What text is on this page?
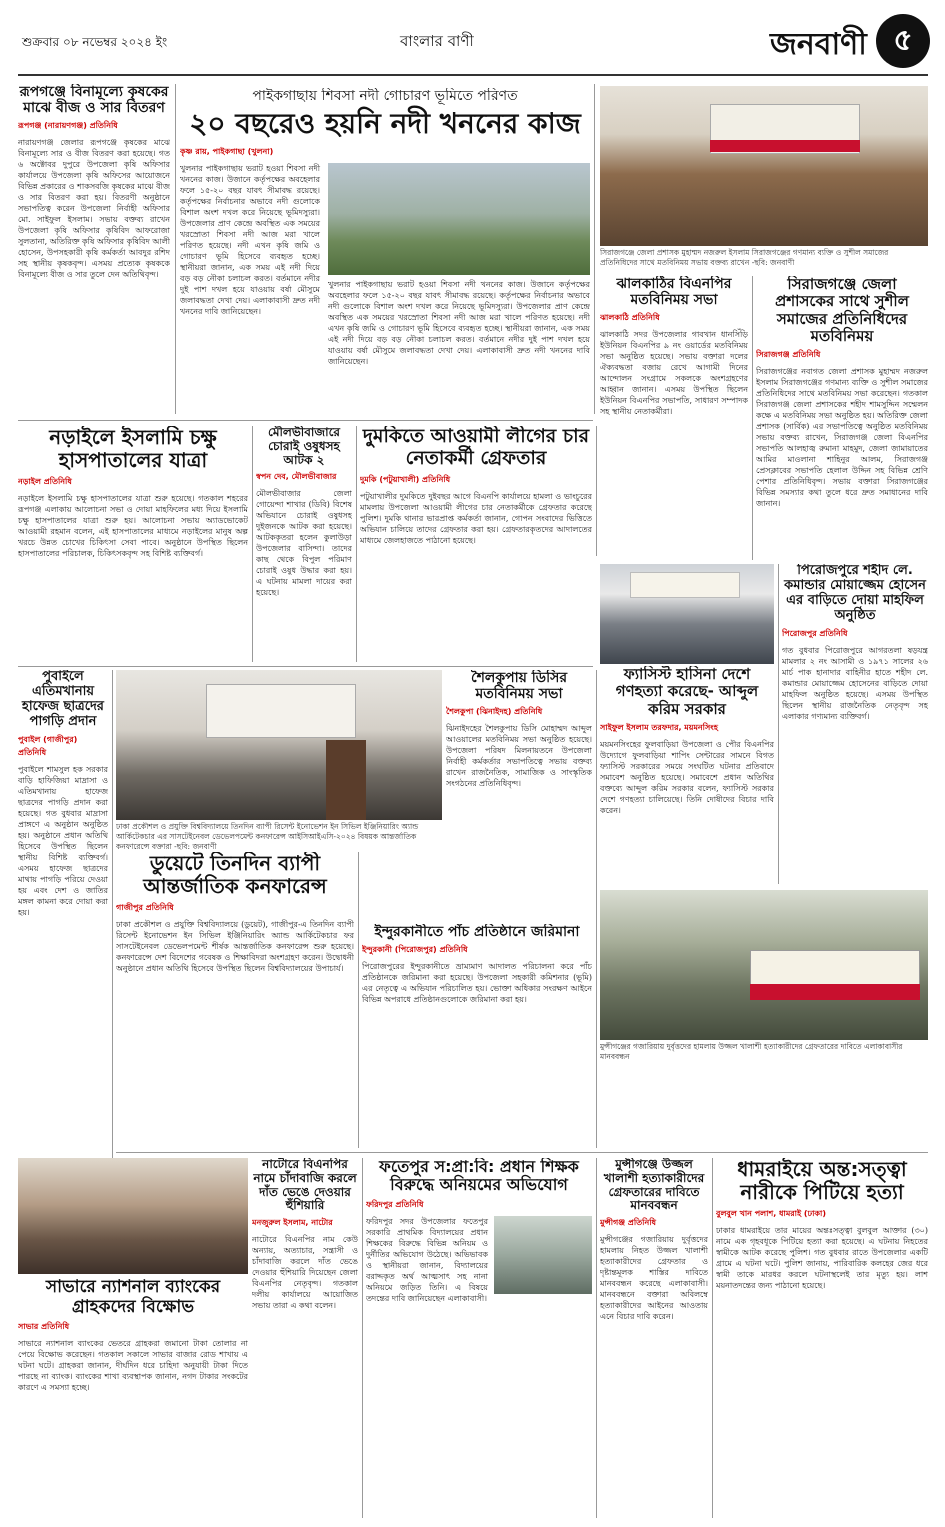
শুক্রবার ০৮ নভেম্বর ২০২৪ ইং	বাংলার বাণী	জনবাণী ৫
রূপগঞ্জে বিনামূল্যে কৃষকের মাঝে বীজ ও সার বিতরণ
রূপগঞ্জ (নারায়ণগঞ্জ) প্রতিনিধি
নারায়ণগঞ্জ জেলার রূপগঞ্জে কৃষকের মাঝে বিনামূল্যে সার ও বীজ বিতরণ করা হয়েছে। গত ৬ অক্টোবর দুপুরে উপজেলা কৃষি অফিসার কার্যালয়ে উপজেলা কৃষি অফিসের আয়োজনে বিভিন্ন প্রকারের ও শাকসবজি কৃষকের মাঝে বীজ ও সার বিতরণ করা হয়। বিতরণী অনুষ্ঠানে সভাপতিত্ব করেন উপজেলা নির্বাহী অফিসার মো. সাইফুল ইসলাম। সভায় বক্তব্য রাখেন উপজেলা কৃষি অফিসার কৃষিবিদ আফরোজা সুলতানা, অতিরিক্ত কৃষি অফিসার কৃষিবিদ আলী হোসেন, উপসহকারী কৃষি কর্মকর্তা আবদুর রশিদ সহ স্থানীয় কৃষকবৃন্দ। এসময় প্রত্যেক কৃষককে বিনামূল্যে বীজ ও সার তুলে দেন অতিথিবৃন্দ।
পাইকগাছায় শিবসা নদী গোচারণ ভূমিতে পরিণত
২০ বছরেও হয়নি নদী খননের কাজ
কৃষ্ণ রায়, পাইকগাছা (খুলনা)
খুলনার পাইকগাছায় ভরাট হওয়া শিবসা নদী খননের কাজ। উজানে কর্তৃপক্ষের অবহেলার ফলে ১৫-২০ বছর যাবৎ সীমাবদ্ধ রয়েছে। কর্তৃপক্ষের নির্বাচনার অভাবে নদী গুলোকে বিশাল অংশ দখল করে নিয়েছে ভূমিদস্যুরা। উপজেলার প্রাণ কেন্দ্রে অবস্থিত এক সময়ের খরস্রোতা শিবসা নদী আজ মরা খালে পরিণত হয়েছে। নদী এখন কৃষি জমি ও গোচারণ ভূমি হিসেবে ব্যবহৃত হচ্ছে। স্থানীয়রা জানান, এক সময় এই নদী দিয়ে বড় বড় নৌকা চলাচল করত। বর্তমানে নদীর দুই পাশ দখল হয়ে যাওয়ায় বর্ষা মৌসুমে জলাবদ্ধতা দেখা দেয়। এলাকাবাসী দ্রুত নদী খননের দাবি জানিয়েছেন।
খুলনার পাইকগাছায় ভরাট হওয়া শিবসা নদী খননের কাজ। উজানে কর্তৃপক্ষের অবহেলার ফলে ১৫-২০ বছর যাবৎ সীমাবদ্ধ রয়েছে। কর্তৃপক্ষের নির্বাচনার অভাবে নদী গুলোকে বিশাল অংশ দখল করে নিয়েছে ভূমিদস্যুরা। উপজেলার প্রাণ কেন্দ্রে অবস্থিত এক সময়ের খরস্রোতা শিবসা নদী আজ মরা খালে পরিণত হয়েছে। নদী এখন কৃষি জমি ও গোচারণ ভূমি হিসেবে ব্যবহৃত হচ্ছে। স্থানীয়রা জানান, এক সময় এই নদী দিয়ে বড় বড় নৌকা চলাচল করত। বর্তমানে নদীর দুই পাশ দখল হয়ে যাওয়ায় বর্ষা মৌসুমে জলাবদ্ধতা দেখা দেয়। এলাকাবাসী দ্রুত নদী খননের দাবি জানিয়েছেন।
সিরাজগঞ্জে জেলা প্রশাসক মুহাম্মদ নজরুল ইসলাম সিরাজগঞ্জের গণমান্য ব্যক্তি ও সুশীল সমাজের প্রতিনিধিদের সাথে মতবিনিময় সভায় বক্তব্য রাখেন -ছবি: জনবাণী
ঝালকাঠির বিএনপির মতবিনিময় সভা
ঝালকাঠি প্রতিনিধি
ঝালকাঠি সদর উপজেলার গাবখান ধানসিঁড়ি ইউনিয়ন বিএনপির ৯ নং ওয়ার্ডের মতবিনিময় সভা অনুষ্ঠিত হয়েছে। সভায় বক্তারা দলের ঐক্যবদ্ধতা বজায় রেখে আগামী দিনের আন্দোলন সংগ্রামে সকলকে অংশগ্রহণের আহ্বান জানান। এসময় উপস্থিত ছিলেন ইউনিয়ন বিএনপির সভাপতি, সাধারণ সম্পাদক সহ স্থানীয় নেতাকর্মীরা।
সিরাজগঞ্জে জেলা প্রশাসকের সাথে সুশীল সমাজের প্রতিনিধিদের মতবিনিময়
সিরাজগঞ্জ প্রতিনিধি
সিরাজগঞ্জের নবাগত জেলা প্রশাসক মুহাম্মদ নজরুল ইসলাম সিরাজগঞ্জের গণমান্য ব্যক্তি ও সুশীল সমাজের প্রতিনিধিদের সাথে মতবিনিময় সভা করেছেন। গতকাল সিরাজগঞ্জ জেলা প্রশাসকের শহীদ শামসুদ্দিন সম্মেলন কক্ষে এ মতবিনিময় সভা অনুষ্ঠিত হয়। অতিরিক্ত জেলা প্রশাসক (সার্বিক) এর সভাপতিত্বে অনুষ্ঠিত মতবিনিময় সভায় বক্তব্য রাখেন, সিরাজগঞ্জ জেলা বিএনপির সভাপতি আলহাজ্ব রুমানা মাহমুদ, জেলা জামায়াতের আমির মাওলানা শাহিনুর আলম, সিরাজগঞ্জ প্রেসক্লাবের সভাপতি হেলাল উদ্দিন সহ বিভিন্ন শ্রেণি পেশার প্রতিনিধিবৃন্দ। সভায় বক্তারা সিরাজগঞ্জের বিভিন্ন সমস্যার কথা তুলে ধরে দ্রুত সমাধানের দাবি জানান।
নড়াইলে ইসলামি চক্ষু হাসপাতালের যাত্রা
নড়াইল প্রতিনিধি
নড়াইলে ইসলামি চক্ষু হাসপাতালের যাত্রা শুরু হয়েছে। গতকাল শহরের রূপগঞ্জ এলাকায় আলোচনা সভা ও দোয়া মাহফিলের মধ্য দিয়ে ইসলামি চক্ষু হাসপাতালের যাত্রা শুরু হয়। আলোচনা সভায় অ্যাডভোকেট আওয়ামী রহমান বলেন, এই হাসপাতালের মাধ্যমে নড়াইলের মানুষ অল্প খরচে উন্নত চোখের চিকিৎসা সেবা পাবে। অনুষ্ঠানে উপস্থিত ছিলেন হাসপাতালের পরিচালক, চিকিৎসকবৃন্দ সহ বিশিষ্ট ব্যক্তিবর্গ।
মৌলভীবাজারে চোরাই ওষুধসহ আটক ২
স্বপন দেব, মৌলভীবাজার
মৌলভীবাজার জেলা গোয়েন্দা শাখার (ডিবি) বিশেষ অভিযানে চোরাই ওষুধসহ দুইজনকে আটক করা হয়েছে। আটককৃতরা হলেন কুলাউড়া উপজেলার বাসিন্দা। তাদের কাছ থেকে বিপুল পরিমাণ চোরাই ওষুধ উদ্ধার করা হয়। এ ঘটনায় মামলা দায়ের করা হয়েছে।
দুমকিতে আওয়ামী লীগের চার নেতাকর্মী গ্রেফতার
দুমকি (পটুয়াখালী) প্রতিনিধি
পটুয়াখালীর দুমকিতে দুইবছর আগে বিএনপি কার্যালয়ে হামলা ও ভাংচুরের মামলায় উপজেলা আওয়ামী লীগের চার নেতাকর্মীকে গ্রেফতার করেছে পুলিশ। দুমকি থানার ভারপ্রাপ্ত কর্মকর্তা জানান, গোপন সংবাদের ভিত্তিতে অভিযান চালিয়ে তাদের গ্রেফতার করা হয়। গ্রেফতারকৃতদের আদালতের মাধ্যমে জেলহাজতে পাঠানো হয়েছে।
পুবাইলে এতিমখানায় হাফেজ ছাত্রদের পাগড়ি প্রদান
পুবাইল (গাজীপুর) প্রতিনিধি
পুবাইলে শামসুল হক সরকার বাড়ি হাফিজিয়া মাদ্রাসা ও এতিমখানায় হাফেজ ছাত্রদের পাগড়ি প্রদান করা হয়েছে। গত বুধবার মাদ্রাসা প্রাঙ্গণে এ অনুষ্ঠান অনুষ্ঠিত হয়। অনুষ্ঠানে প্রধান অতিথি হিসেবে উপস্থিত ছিলেন স্থানীয় বিশিষ্ট ব্যক্তিবর্গ। এসময় হাফেজ ছাত্রদের মাথায় পাগড়ি পরিয়ে দেওয়া হয় এবং দেশ ও জাতির মঙ্গল কামনা করে দোয়া করা হয়।
ঢাকা প্রকৌশল ও প্রযুক্তি বিশ্ববিদ্যালয়ে তিনদিন ব্যাপী রিসেন্ট ইনোভেশন ইন সিভিল ইঞ্জিনিয়ারিং অ্যান্ড আর্কিটেকচার এর সাসটেইনেবল ডেভেলপমেন্ট কনফারেন্স আইসিআইএসি-২০২৪ বিষয়ক আন্তর্জাতিক কনফারেন্সে বক্তারা -ছবি: জনবাণী
ডুয়েটে তিনদিন ব্যাপী আন্তর্জাতিক কনফারেন্স
গাজীপুর প্রতিনিধি
ঢাকা প্রকৌশল ও প্রযুক্তি বিশ্ববিদ্যালয়ে (ডুয়েট), গাজীপুর-এ তিনদিন ব্যাপী রিসেন্ট ইনোভেশন ইন সিভিল ইঞ্জিনিয়ারিং অ্যান্ড আর্কিটেকচার ফর সাসটেইনেবল ডেভেলপমেন্ট শীর্ষক আন্তর্জাতিক কনফারেন্স শুরু হয়েছে। কনফারেন্সে দেশ বিদেশের গবেষক ও শিক্ষাবিদরা অংশগ্রহণ করেন। উদ্বোধনী অনুষ্ঠানে প্রধান অতিথি হিসেবে উপস্থিত ছিলেন বিশ্ববিদ্যালয়ের উপাচার্য।
শৈলকুপায় ডিসির মতবিনিময় সভা
শৈলকুপা (ঝিনাইদহ) প্রতিনিধি
ঝিনাইদহের শৈলকুপায় ডিসি মোহাম্মদ আব্দুল আওয়ালের মতবিনিময় সভা অনুষ্ঠিত হয়েছে। উপজেলা পরিষদ মিলনায়তনে উপজেলা নির্বাহী কর্মকর্তার সভাপতিত্বে সভায় বক্তব্য রাখেন রাজনৈতিক, সামাজিক ও সাংস্কৃতিক সংগঠনের প্রতিনিধিবৃন্দ।
ফ্যাসিস্ট হাসিনা দেশে গণহত্যা করেছে- আব্দুল করিম সরকার
সাইফুল ইসলাম তরফদার, ময়মনসিংহ
ময়মনসিংহের ফুলবাড়িয়া উপজেলা ও পৌর বিএনপির উদ্যোগে ফুলবাড়িয়া শাপিং সেন্টারের সামনে বিগত ফ্যাসিস্ট সরকারের সময়ে সংঘটিত ঘটনার প্রতিবাদে সমাবেশ অনুষ্ঠিত হয়েছে। সমাবেশে প্রধান অতিথির বক্তব্যে আব্দুল করিম সরকার বলেন, ফ্যাসিস্ট সরকার দেশে গণহত্যা চালিয়েছে। তিনি দোষীদের বিচার দাবি করেন।
পিরোজপুরে শহীদ লে. কমান্ডার মোয়াজ্জেম হোসেন এর বাড়িতে দোয়া মাহফিল অনুষ্ঠিত
পিরোজপুর প্রতিনিধি
গত বুধবার পিরোজপুরে আগরতলা ষড়যন্ত্র মামলার ২ নং আসামী ও ১৯৭১ সালের ২৬ মার্চ পাক হানাদার বাহিনীর হাতে শহীদ লে. কমান্ডার মোয়াজ্জেম হোসেনের বাড়িতে দোয়া মাহফিল অনুষ্ঠিত হয়েছে। এসময় উপস্থিত ছিলেন স্থানীয় রাজনৈতিক নেতৃবৃন্দ সহ এলাকার গণ্যমান্য ব্যক্তিবর্গ।
ইন্দুরকানীতে পাঁচ প্রতিষ্ঠানে জরিমানা
ইন্দুরকানী (পিরোজপুর) প্রতিনিধি
পিরোজপুরের ইন্দুরকানীতে ভ্রাম্যমাণ আদালত পরিচালনা করে পাঁচ প্রতিষ্ঠানকে জরিমানা করা হয়েছে। উপজেলা সহকারী কমিশনার (ভূমি) এর নেতৃত্বে এ অভিযান পরিচালিত হয়। ভোক্তা অধিকার সংরক্ষণ আইনে বিভিন্ন অপরাধে প্রতিষ্ঠানগুলোকে জরিমানা করা হয়।
মুন্সীগঞ্জের গজারিয়ায় দুর্বৃত্তদের হামলায় উজ্জল খালাশী হত্যাকারীদের গ্রেফতারের দাবিতে এলাকাবাসীর মানববন্ধন
নাটোরে বিএনপির নামে চাঁদাবাজি করলে দাঁত ভেঙে দেওয়ার হুঁশিয়ারি
মনজুরুল ইসলাম, নাটোর
নাটোরে বিএনপির নাম কেউ অন্যায়, অত্যাচার, সন্ত্রাসী ও চাঁদাবাজি করলে দাঁত ভেঙে দেওয়ার হুঁশিয়ারি দিয়েছেন জেলা বিএনপির নেতৃবৃন্দ। গতকাল দলীয় কার্যালয়ে আয়োজিত সভায় তারা এ কথা বলেন।
ফতেপুর স:প্রা:বি: প্রধান শিক্ষক বিরুদ্ধে অনিয়মের অভিযোগ
ফরিদপুর প্রতিনিধি
ফরিদপুর সদর উপজেলার ফতেপুর সরকারি প্রাথমিক বিদ্যালয়ের প্রধান শিক্ষকের বিরুদ্ধে বিভিন্ন অনিয়ম ও দুর্নীতির অভিযোগ উঠেছে। অভিভাবক ও স্থানীয়রা জানান, বিদ্যালয়ের বরাদ্দকৃত অর্থ আত্মসাৎ সহ নানা অনিয়মে জড়িত তিনি। এ বিষয়ে তদন্তের দাবি জানিয়েছেন এলাকাবাসী।
মুন্সীগঞ্জে উজ্জল খালাশী হত্যাকারীদের গ্রেফতারের দাবিতে মানববন্ধন
মুন্সীগঞ্জ প্রতিনিধি
মুন্সীগঞ্জের গজারিয়ায় দুর্বৃত্তদের হামলায় নিহত উজ্জল খালাশী হত্যাকারীদের গ্রেফতার ও দৃষ্টান্তমূলক শাস্তির দাবিতে মানববন্ধন করেছে এলাকাবাসী। মানববন্ধনে বক্তারা অবিলম্বে হত্যাকারীদের আইনের আওতায় এনে বিচার দাবি করেন।
ধামরাইয়ে অন্ত:সত্ত্বা নারীকে পিটিয়ে হত্যা
বুলবুল খান পলাশ, ধামরাই (ঢাকা)
ঢাকার ধামরাইয়ে তার মায়ের অন্তঃসত্ত্বা বুলবুল আক্তার (৩০) নামে এক গৃহবধূকে পিটিয়ে হত্যা করা হয়েছে। এ ঘটনায় নিহতের স্বামীকে আটক করেছে পুলিশ। গত বুধবার রাতে উপজেলার একটি গ্রামে এ ঘটনা ঘটে। পুলিশ জানায়, পারিবারিক কলহের জের ধরে স্বামী তাকে মারধর করলে ঘটনাস্থলেই তার মৃত্যু হয়। লাশ ময়নাতদন্তের জন্য পাঠানো হয়েছে।
সাভারে ন্যাশনাল ব্যাংকের গ্রাহকদের বিক্ষোভ
সাভার প্রতিনিধি
সাভারে ন্যাশনাল ব্যাংকের ভেতরে গ্রাহকরা জমানো টাকা তোলার না পেয়ে বিক্ষোভ করেছেন। গতকাল সকালে সাভার বাজার রোড শাখায় এ ঘটনা ঘটে। গ্রাহকরা জানান, দীর্ঘদিন ধরে চাহিদা অনুযায়ী টাকা দিতে পারছে না ব্যাংক। ব্যাংকের শাখা ব্যবস্থাপক জানান, নগদ টাকার সংকটের কারণে এ সমস্যা হচ্ছে।
